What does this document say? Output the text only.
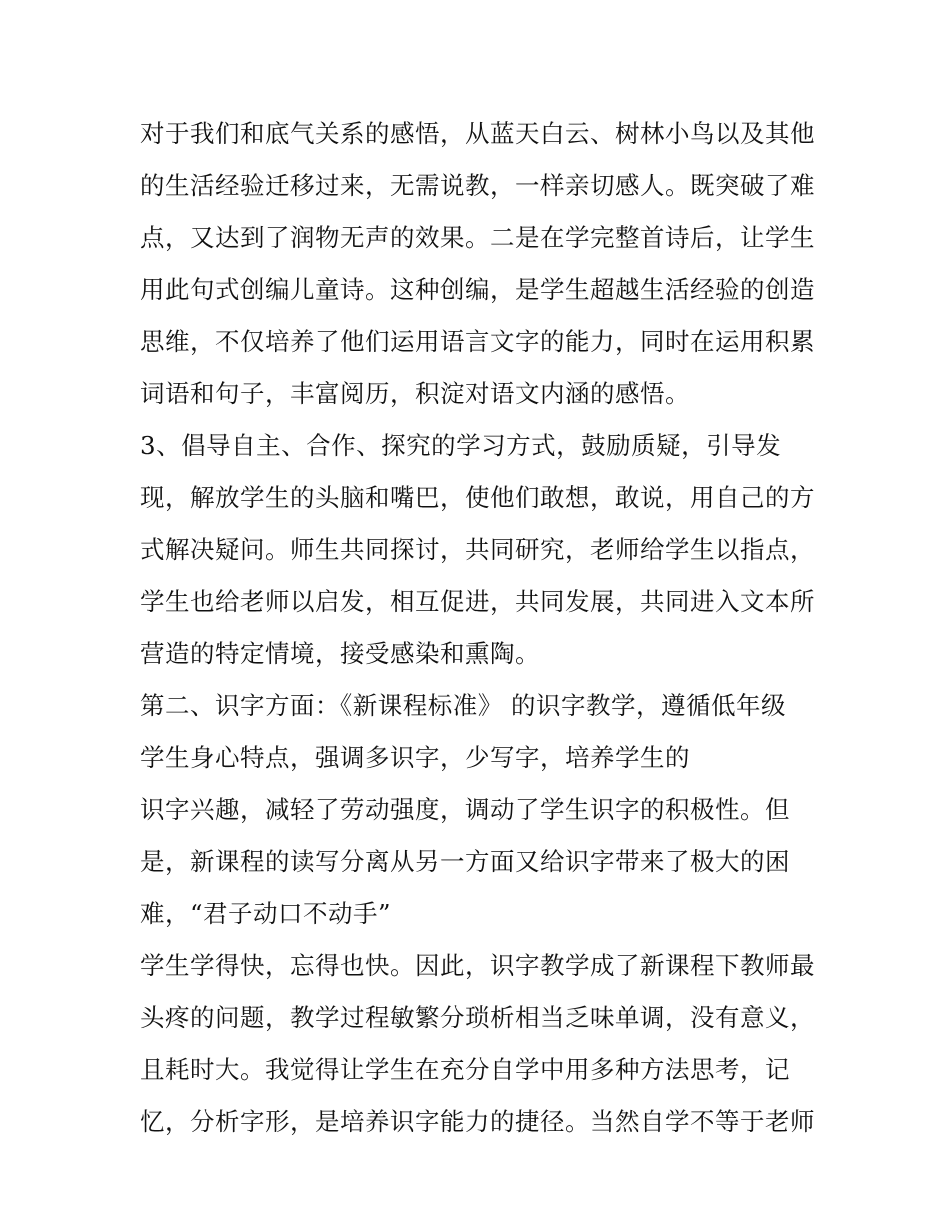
对于我们和底气关系的感悟，从蓝天白云、树林小鸟以及其他
的生活经验迁移过来，无需说教，一样亲切感人。既突破了难
点，又达到了润物无声的效果。二是在学完整首诗后，让学生
用此句式创编儿童诗。这种创编，是学生超越生活经验的创造
思维，不仅培养了他们运用语言文字的能力，同时在运用积累
词语和句子，丰富阅历，积淀对语文内涵的感悟。
3、倡导自主、合作、探究的学习方式，鼓励质疑，引导发
现，解放学生的头脑和嘴巴，使他们敢想，敢说，用自己的方
式解决疑问。师生共同探讨，共同研究，老师给学生以指点，
学生也给老师以启发，相互促进，共同发展，共同进入文本所
营造的特定情境，接受感染和熏陶。
第二、识字方面：《新课程标准》 的识字教学，遵循低年级
学生身心特点，强调多识字，少写字，培养学生的
识字兴趣，减轻了劳动强度，调动了学生识字的积极性。但
是，新课程的读写分离从另一方面又给识字带来了极大的困
难，“君子动口不动手”
学生学得快，忘得也快。因此，识字教学成了新课程下教师最
头疼的问题，教学过程敏繁分琐析相当乏味单调，没有意义，
且耗时大。我觉得让学生在充分自学中用多种方法思考，记
忆，分析字形，是培养识字能力的捷径。当然自学不等于老师
